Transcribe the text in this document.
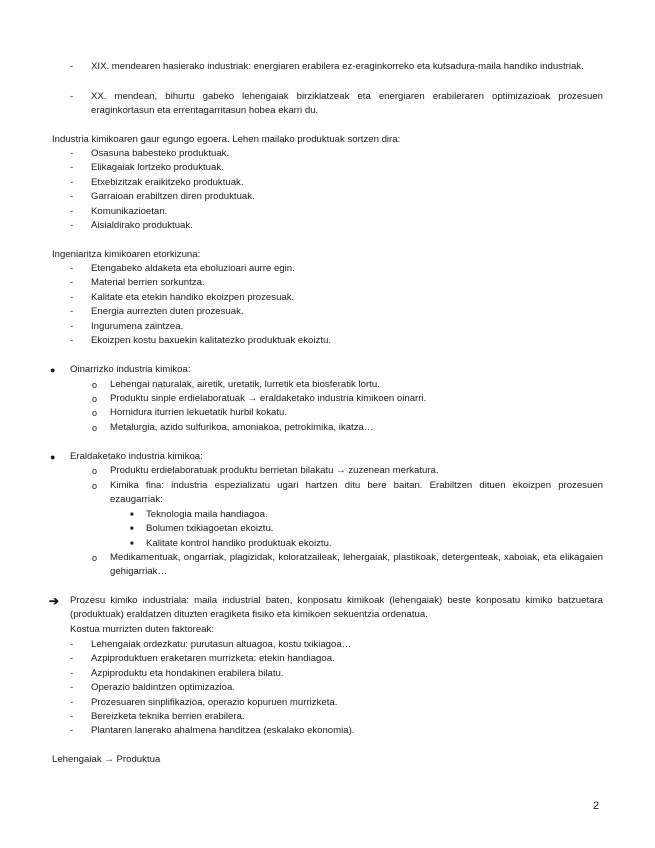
- XIX. mendearen hasierako industriak: energiaren erabilera ez-eraginkorreko eta kutsadura-maila handiko industriak.
- XX. mendean, bihurtu gabeko lehengaiak birziklatzeak eta energiaren erabileraren optimizazioak prozesuen eraginkortasun eta errentagarritasun hobea ekarri du.
Industria kimikoaren gaur egungo egoera. Lehen mailako produktuak sortzen dira:
- Osasuna babesteko produktuak.
- Elikagaiak lortzeko produktuak.
- Etxebizitzak eraikitzeko produktuak.
- Garraioan erabiltzen diren produktuak.
- Komunikazioetan.
- Aisialdirako produktuak.
Ingeniaritza kimikoaren etorkizuna:
- Etengabeko aldaketa eta eboluzioari aurre egin.
- Material berrien sorkuntza.
- Kalitate eta etekin handiko ekoizpen prozesuak.
- Energia aurrezten duten prozesuak.
- Ingurumena zaintzea.
- Ekoizpen kostu baxuekin kalitatezko produktuak ekoiztu.
● Oinarrizko industria kimikoa:
o Lehengai naturalak, airetik, uretatik, lurretik eta biosferatik lortu.
o Produktu sinple erdielaboratuak → eraldaketako industria kimikoen oinarri.
o Hornidura iturrien lekuetatik hurbil kokatu.
o Metalurgia, azido sulfurikoa, amoniakoa, petrokimika, ikatza…
● Eraldaketako industria kimikoa:
o Produktu erdielaboratuak produktu berrietan bilakatu → zuzenean merkatura.
o Kimika fina: industria espezializatu ugari hartzen ditu bere baitan. Erabiltzen dituen ekoizpen prozesuen ezaugarriak:
■ Teknologia maila handiagoa.
■ Bolumen txikiagoetan ekoiztu.
■ Kalitate kontrol handiko produktuak ekoiztu.
o Medikamentuak, ongarriak, plagizidak, koloratzaileak, lehergaiak, plastikoak, detergenteak, xaboiak, eta elikagaien gehigarriak…
➔ Prozesu kimiko industriala: maila industrial baten, konposatu kimikoak (lehengaiak) beste konposatu kimiko batzuetara (produktuak) eraldatzen dituzten eragiketa fisiko eta kimikoen sekuentzia ordenatua.
Kostua murrizten duten faktoreak:
- Lehengaiak ordezkatu: purutasun altuagoa, kostu txikiagoa…
- Azpiproduktuen eraketaren murrizketa: etekin handiagoa.
- Azpiproduktu eta hondakinen erabilera bilatu.
- Operazio baldintzen optimizazioa.
- Prozesuaren sinplifikazioa, operazio kopuruen murrizketa.
- Bereizketa teknika berrien erabilera.
- Plantaren lanerako ahalmena handitzea (eskalako ekonomia).
Lehengaiak → Produktua
2
